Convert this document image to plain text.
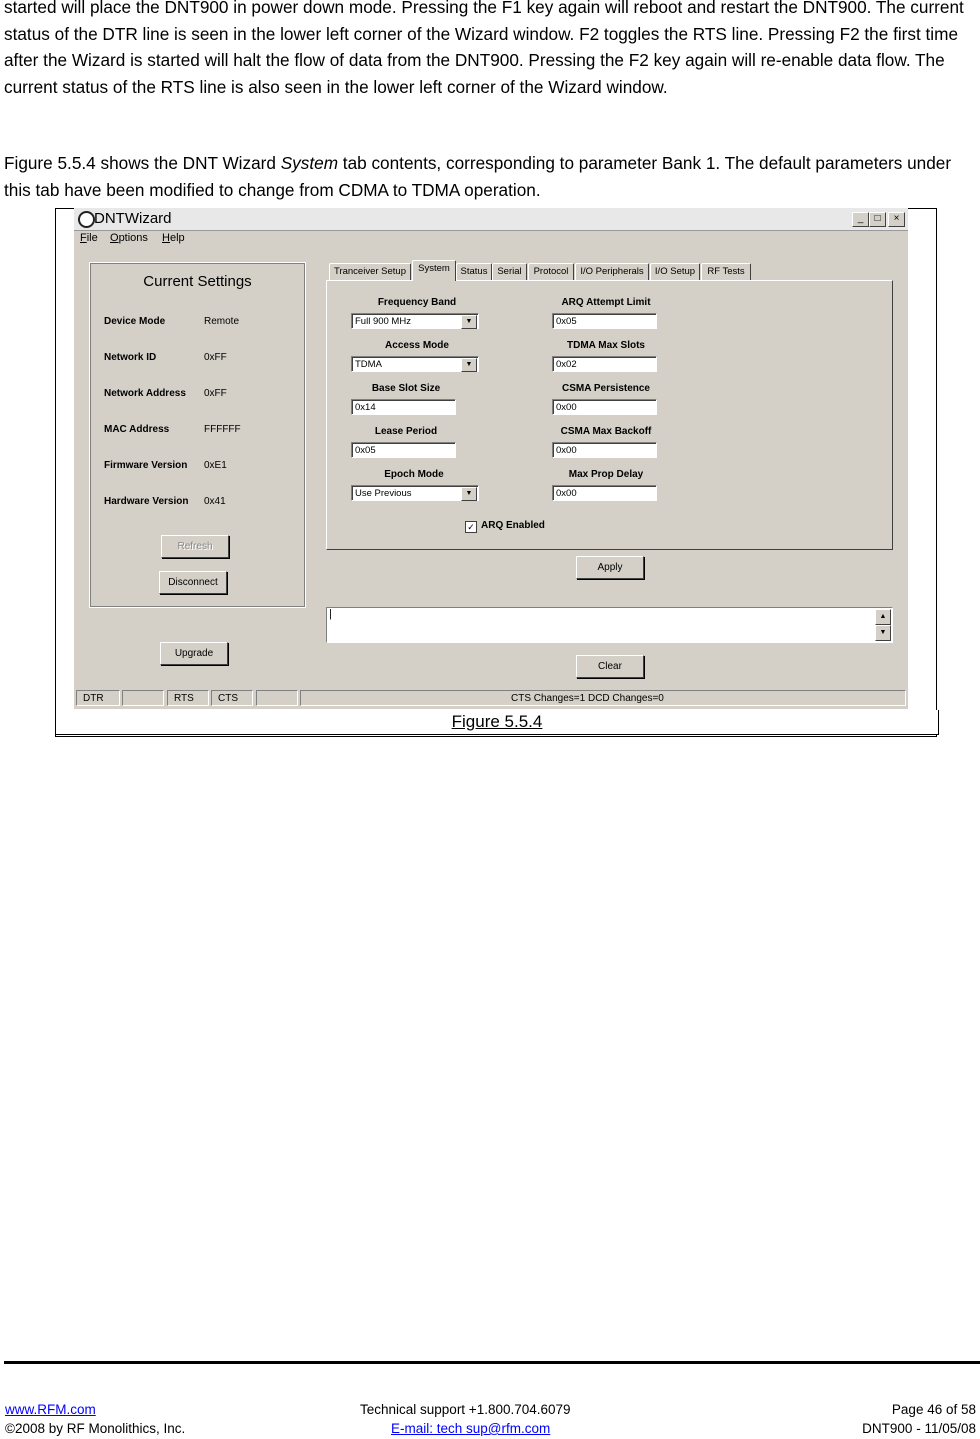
started will place the DNT900 in power down mode. Pressing the F1 key again will reboot and restart the DNT900. The current status of the DTR line is seen in the lower left corner of the Wizard window. F2 toggles the RTS line. Pressing F2 the first time after the Wizard is started will halt the flow of data from the DNT900. Pressing the F2 key again will re-enable data flow. The current status of the RTS line is also seen in the lower left corner of the Wizard window.

Figure 5.5.4 shows the DNT Wizard System tab contents, corresponding to parameter Bank 1. The default parameters under this tab have been modified to change from CDMA to TDMA operation.

DNTWizard	_	□	×
File Options Help
Current Settings
Device Mode	Remote
Network ID	0xFF
Network Address 0xFF
MAC Address	FFFFFF
Firmware Version 0xE1
Hardware Version 0x41
Refresh
Disconnect
Upgrade
Tranceiver Setup	System	Status	Serial	Protocol	I/O Peripherals	I/O Setup	RF Tests
Frequency Band
Full 900 MHz	▼
Access Mode
TDMA	▼
Base Slot Size
0x14
Lease Period
0x05
Epoch Mode
Use Previous	▼
ARQ Attempt Limit
0x05
TDMA Max Slots
0x02
CSMA Persistence
0x00
CSMA Max Backoff
0x00
Max Prop Delay
0x00
✓ ARQ Enabled
Apply
|	▲
▼
Clear
DTR	RTS	CTS	CTS Changes=1 DCD Changes=0
Figure 5.5.4
www.RFM.com
©2008 by RF Monolithics, Inc.
Technical support +1.800.704.6079
E-mail: tech sup@rfm.com
Page 46 of 58
DNT900 - 11/05/08
